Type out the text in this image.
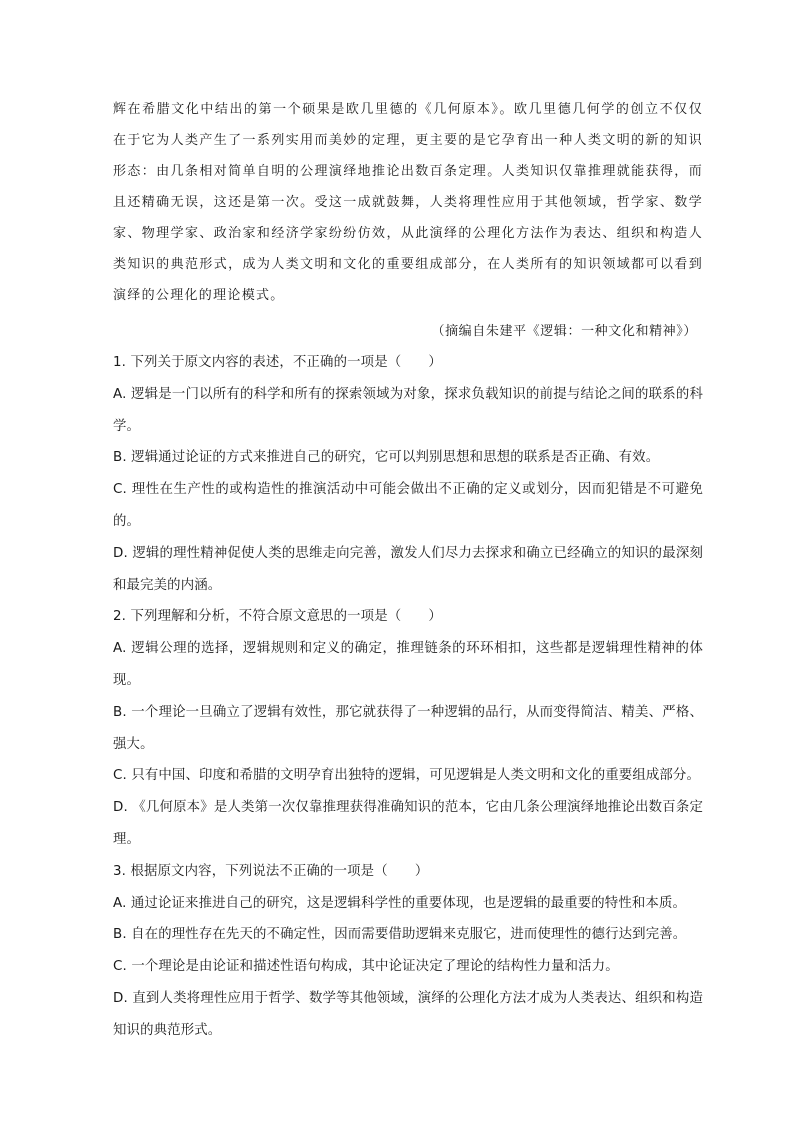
辉在希腊文化中结出的第一个硕果是欧几里德的《几何原本》。欧几里德几何学的创立不仅仅在于它为人类产生了一系列实用而美妙的定理，更主要的是它孕育出一种人类文明的新的知识形态：由几条相对简单自明的公理演绎地推论出数百条定理。人类知识仅靠推理就能获得，而且还精确无误，这还是第一次。受这一成就鼓舞，人类将理性应用于其他领域，哲学家、数学家、物理学家、政治家和经济学家纷纷仿效，从此演绎的公理化方法作为表达、组织和构造人类知识的典范形式，成为人类文明和文化的重要组成部分，在人类所有的知识领域都可以看到演绎的公理化的理论模式。

（摘编自朱建平《逻辑：一种文化和精神》）

1. 下列关于原文内容的表述，不正确的一项是（　　）

A. 逻辑是一门以所有的科学和所有的探索领域为对象，探求负载知识的前提与结论之间的联系的科学。

B. 逻辑通过论证的方式来推进自己的研究，它可以判别思想和思想的联系是否正确、有效。

C. 理性在生产性的或构造性的推演活动中可能会做出不正确的定义或划分，因而犯错是不可避免的。

D. 逻辑的理性精神促使人类的思维走向完善，激发人们尽力去探求和确立已经确立的知识的最深刻和最完美的内涵。

2. 下列理解和分析，不符合原文意思的一项是（　　）

A. 逻辑公理的选择，逻辑规则和定义的确定，推理链条的环环相扣，这些都是逻辑理性精神的体现。

B. 一个理论一旦确立了逻辑有效性，那它就获得了一种逻辑的品行，从而变得简洁、精美、严格、强大。

C. 只有中国、印度和希腊的文明孕育出独特的逻辑，可见逻辑是人类文明和文化的重要组成部分。

D. 《几何原本》是人类第一次仅靠推理获得准确知识的范本，它由几条公理演绎地推论出数百条定理。

3. 根据原文内容，下列说法不正确的一项是（　　）

A. 通过论证来推进自己的研究，这是逻辑科学性的重要体现，也是逻辑的最重要的特性和本质。

B. 自在的理性存在先天的不确定性，因而需要借助逻辑来克服它，进而使理性的德行达到完善。

C. 一个理论是由论证和描述性语句构成，其中论证决定了理论的结构性力量和活力。

D. 直到人类将理性应用于哲学、数学等其他领域，演绎的公理化方法才成为人类表达、组织和构造知识的典范形式。
